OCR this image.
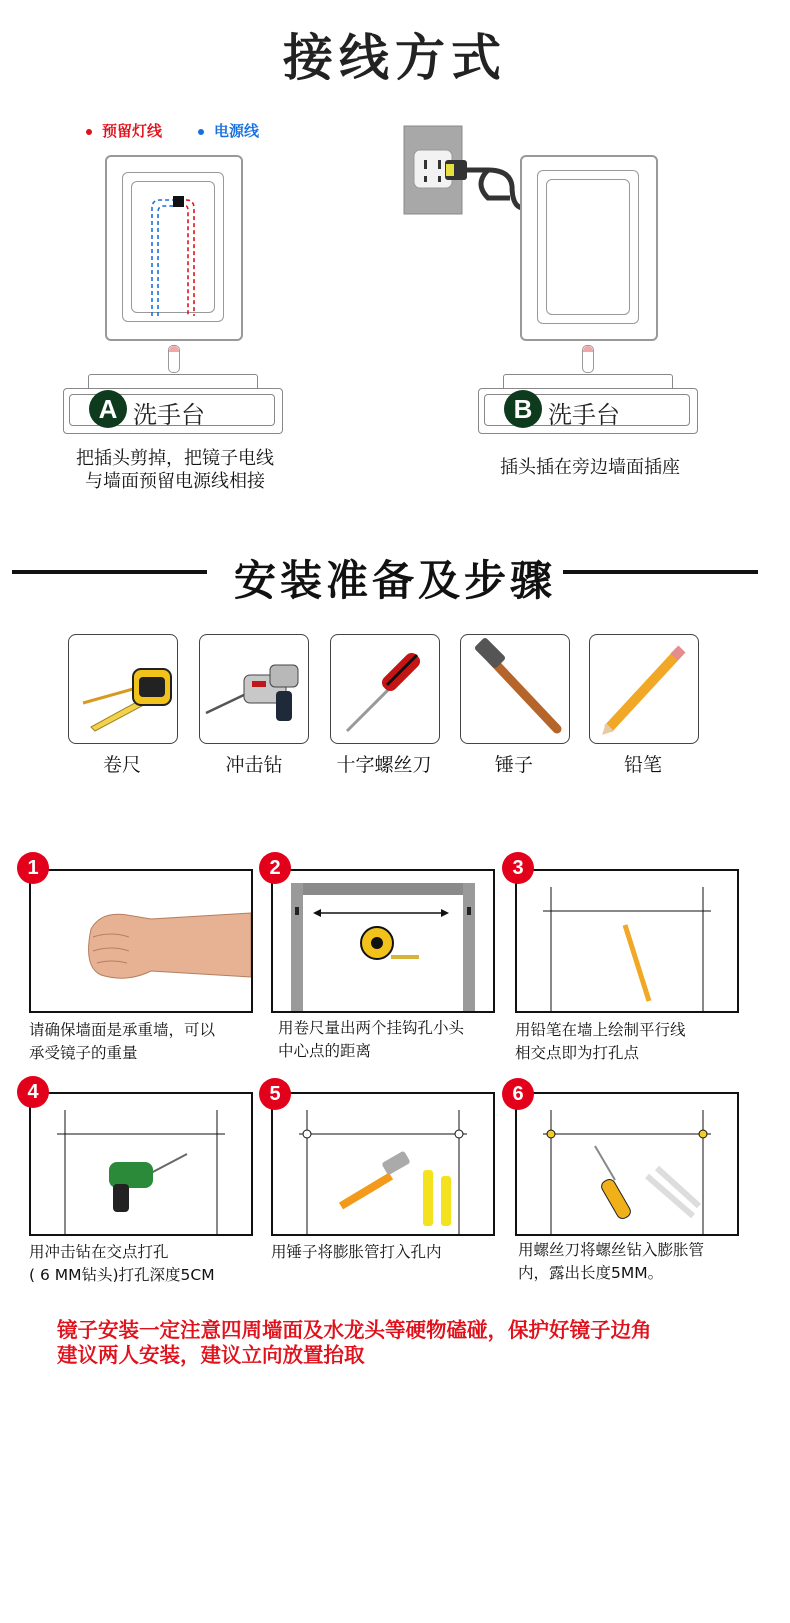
接线方式
预留灯线	电源线
A 洗手台
把插头剪掉，把镜子电线
与墙面预留电源线相接
B 洗手台
插头插在旁边墙面插座
安装准备及步骤
卷尺	冲击钻	十字螺丝刀	锤子	铅笔
1
请确保墙面是承重墙，可以
承受镜子的重量
2
用卷尺量出两个挂钩孔小头
中心点的距离
3
用铅笔在墙上绘制平行线
相交点即为打孔点
4
用冲击钻在交点打孔
( 6 MM钻头)打孔深度5CM
5
用锤子将膨胀管打入孔内
6
用螺丝刀将螺丝钻入膨胀管
内，露出长度5MM。
镜子安装一定注意四周墙面及水龙头等硬物磕碰，保护好镜子边角
建议两人安装，建议立向放置抬取
